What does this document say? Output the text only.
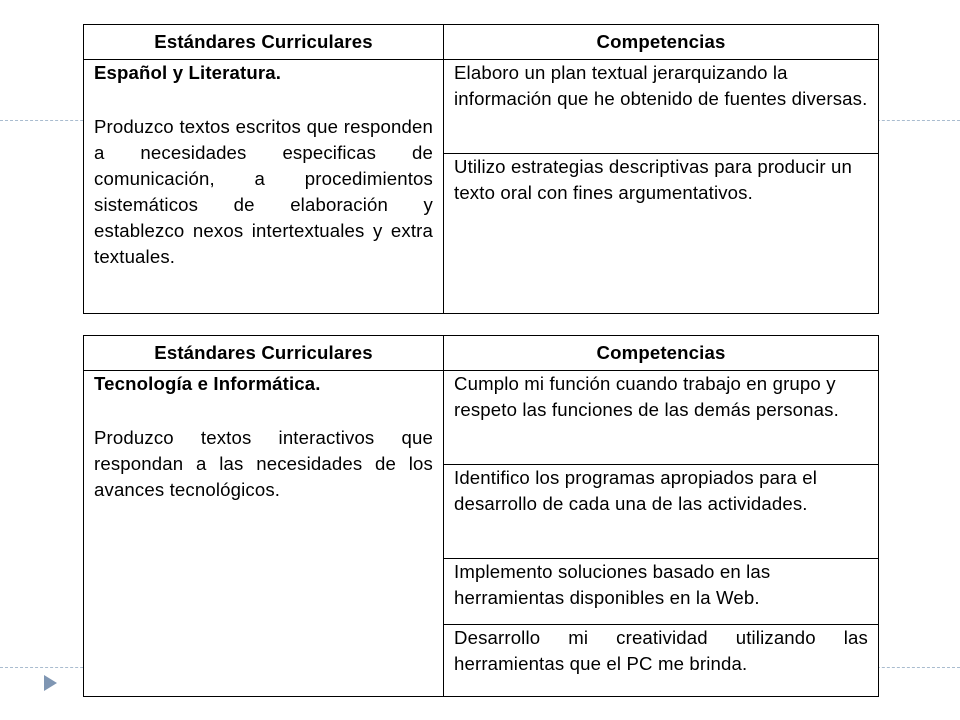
Estándares Curriculares	Competencias

Español y Literatura.
Produzco textos escritos que responden a necesidades especificas de comunicación, a procedimientos sistemáticos de elaboración y establezco nexos intertextuales y extra textuales.	Elaboro un plan textual jerarquizando la información que he obtenido de fuentes diversas.
	Utilizo estrategias descriptivas para producir un texto oral con fines argumentativos.
Estándares Curriculares	Competencias

Tecnología e Informática.
Produzco textos interactivos que respondan a las necesidades de los avances tecnológicos.	Cumplo mi función cuando trabajo en grupo y respeto las funciones de las demás personas.
	Identifico los programas apropiados para el desarrollo de cada una de las actividades.
	Implemento soluciones basado en las herramientas disponibles en la Web.
	Desarrollo mi creatividad utilizando las herramientas que el PC me brinda.
